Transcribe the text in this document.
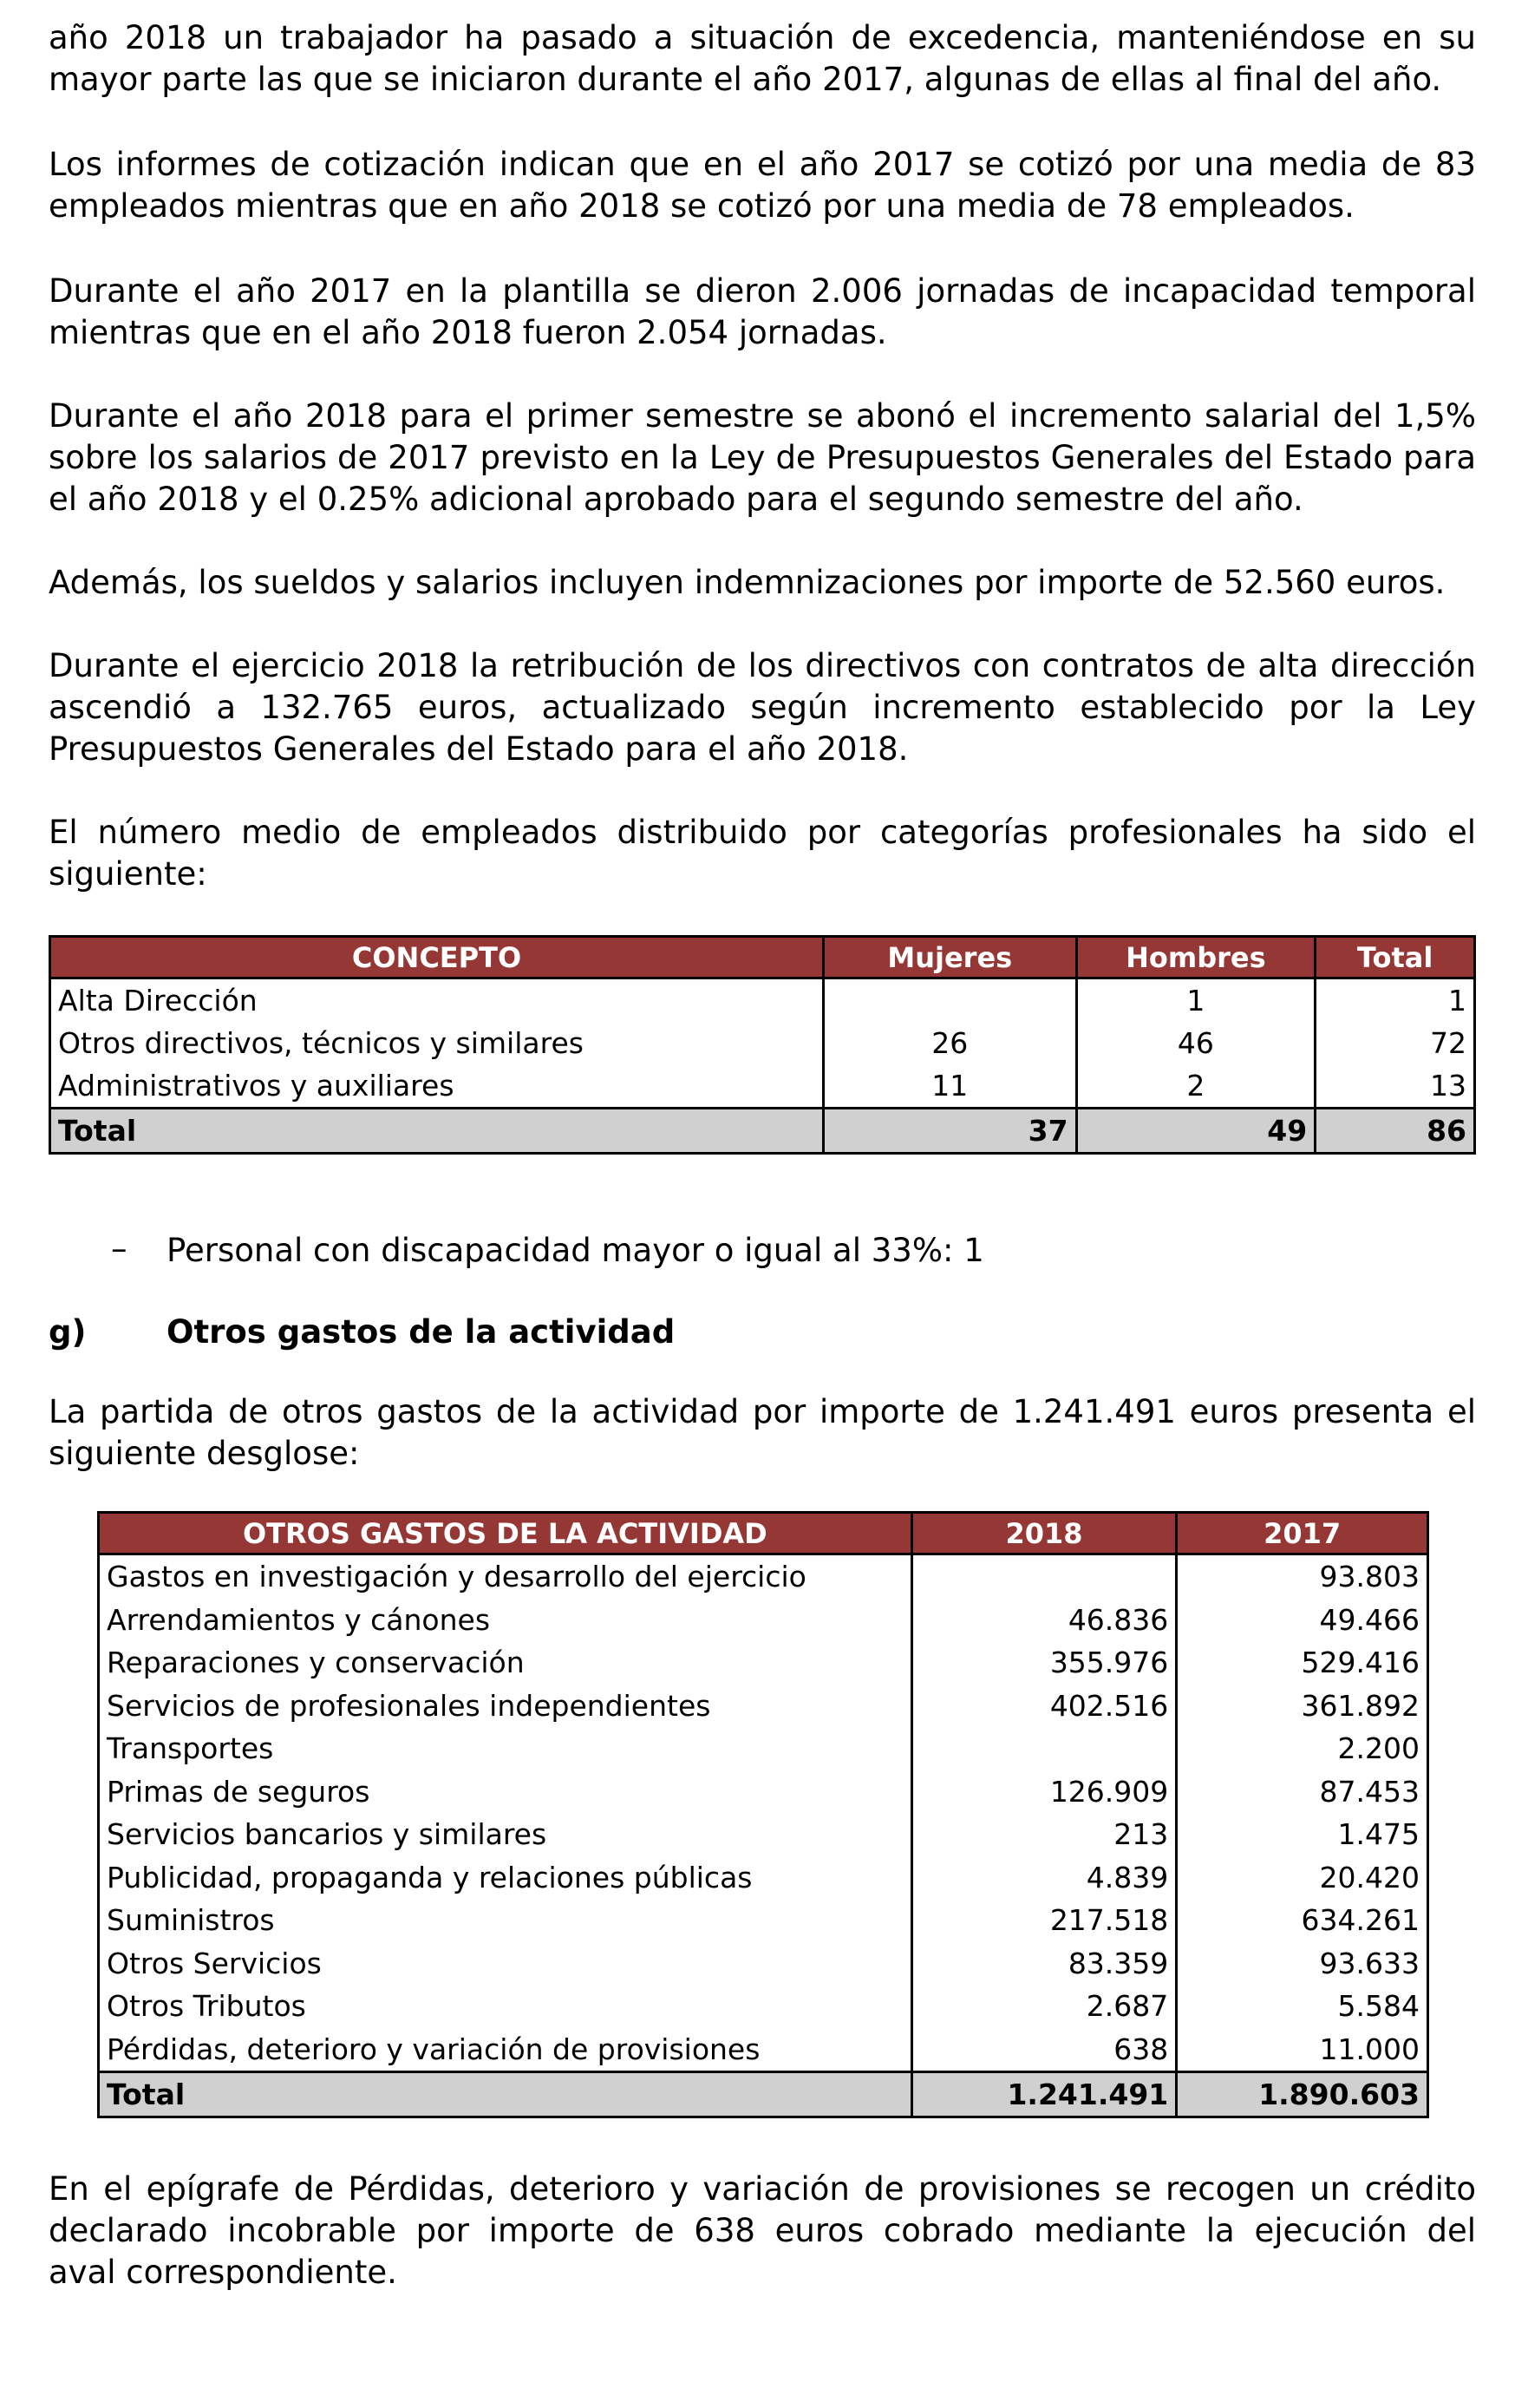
año 2018 un trabajador ha pasado a situación de excedencia, manteniéndose en su
mayor parte las que se iniciaron durante el año 2017, algunas de ellas al final del año.

Los informes de cotización indican que en el año 2017 se cotizó por una media de 83
empleados mientras que en año 2018 se cotizó por una media de 78 empleados.

Durante el año 2017 en la plantilla se dieron 2.006 jornadas de incapacidad temporal
mientras que en el año 2018 fueron 2.054 jornadas.

Durante el año 2018 para el primer semestre se abonó el incremento salarial del 1,5%
sobre los salarios de 2017 previsto en la Ley de Presupuestos Generales del Estado para
el año 2018 y el 0.25% adicional aprobado para el segundo semestre del año.

Además, los sueldos y salarios incluyen indemnizaciones por importe de 52.560 euros.

Durante el ejercicio 2018 la retribución de los directivos con contratos de alta dirección
ascendió a 132.765 euros, actualizado según incremento establecido por la Ley
Presupuestos Generales del Estado para el año 2018.

El número medio de empleados distribuido por categorías profesionales ha sido el
siguiente:

CONCEPTO	Mujeres	Hombres	Total
Alta Dirección		1	1
Otros directivos, técnicos y similares	26	46	72
Administrativos y auxiliares	11	2	13
Total	37	49	86
– Personal con discapacidad mayor o igual al 33%: 1
g)	Otros gastos de la actividad

La partida de otros gastos de la actividad por importe de 1.241.491 euros presenta el
siguiente desglose:

OTROS GASTOS DE LA ACTIVIDAD	2018	2017
Gastos en investigación y desarrollo del ejercicio		93.803
Arrendamientos y cánones	46.836	49.466
Reparaciones y conservación	355.976	529.416
Servicios de profesionales independientes	402.516	361.892
Transportes		2.200
Primas de seguros	126.909	87.453
Servicios bancarios y similares	213	1.475
Publicidad, propaganda y relaciones públicas	4.839	20.420
Suministros	217.518	634.261
Otros Servicios	83.359	93.633
Otros Tributos	2.687	5.584
Pérdidas, deterioro y variación de provisiones	638	11.000
Total	1.241.491	1.890.603

En el epígrafe de Pérdidas, deterioro y variación de provisiones se recogen un crédito
declarado incobrable por importe de 638 euros cobrado mediante la ejecución del
aval correspondiente.
